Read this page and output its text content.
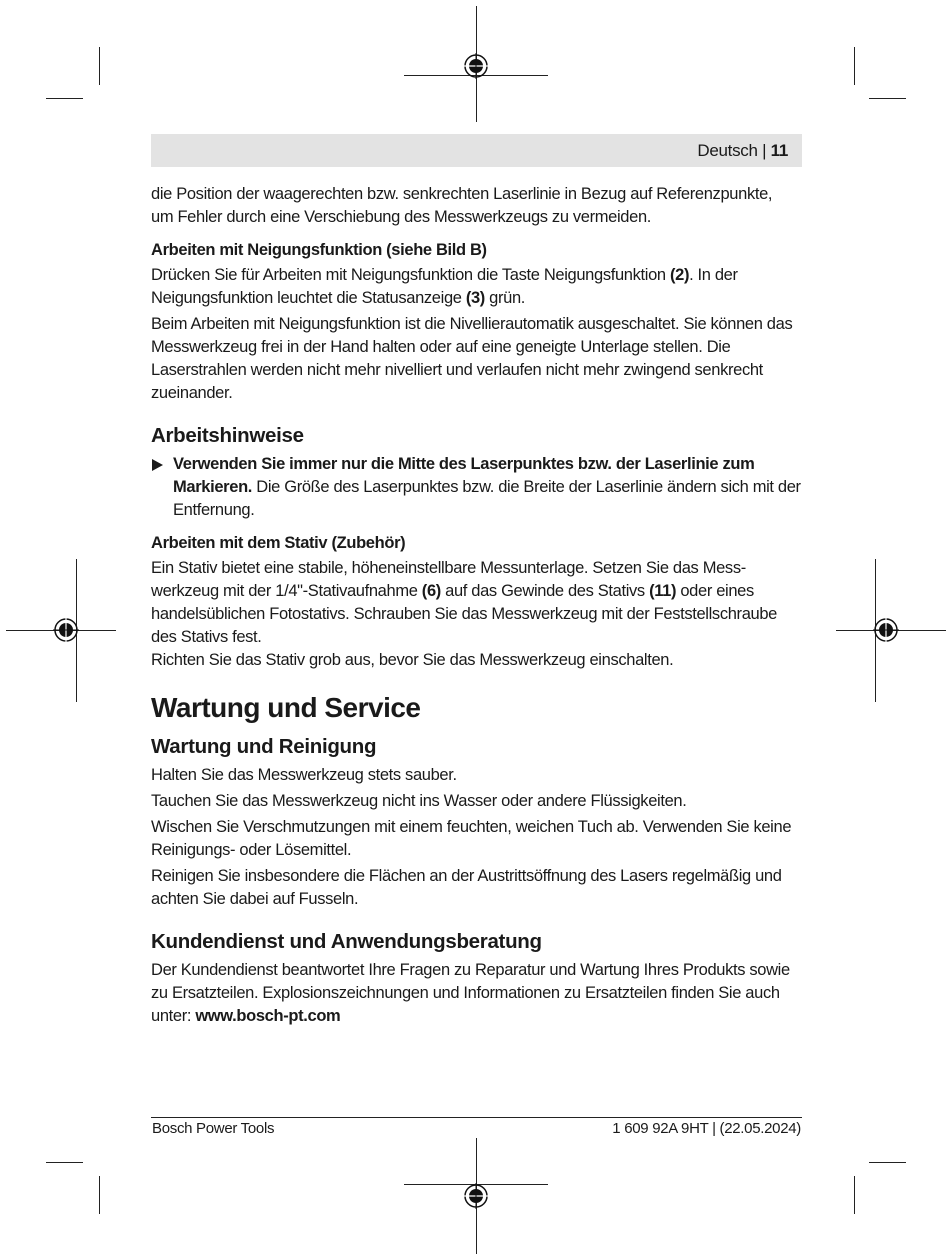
Deutsch | 11

die Position der waagerechten bzw. senkrechten Laserlinie in Bezug auf Referenzpunkte,
um Fehler durch eine Verschiebung des Messwerkzeugs zu vermeiden.

Arbeiten mit Neigungsfunktion (siehe Bild B)

Drücken Sie für Arbeiten mit Neigungsfunktion die Taste Neigungsfunktion (2). In der Neigungsfunktion leuchtet die Statusanzeige (3) grün.

Beim Arbeiten mit Neigungsfunktion ist die Nivellierautomatik ausgeschaltet. Sie können das Messwerkzeug frei in der Hand halten oder auf eine geneigte Unterlage stellen. Die Laserstrahlen werden nicht mehr nivelliert und verlaufen nicht mehr zwingend senkrecht zueinander.

Arbeitshinweise

Verwenden Sie immer nur die Mitte des Laserpunktes bzw. der Laserlinie zum Markieren. Die Größe des Laserpunktes bzw. die Breite der Laserlinie ändern sich mit der Entfernung.

Arbeiten mit dem Stativ (Zubehör)

Ein Stativ bietet eine stabile, höheneinstellbare Messunterlage. Setzen Sie das Messwerkzeug mit der 1/4"-Stativaufnahme (6) auf das Gewinde des Stativs (11) oder eines handelsüblichen Fotostativs. Schrauben Sie das Messwerkzeug mit der Feststellschraube des Stativs fest.

Richten Sie das Stativ grob aus, bevor Sie das Messwerkzeug einschalten.

Wartung und Service

Wartung und Reinigung

Halten Sie das Messwerkzeug stets sauber.

Tauchen Sie das Messwerkzeug nicht ins Wasser oder andere Flüssigkeiten.

Wischen Sie Verschmutzungen mit einem feuchten, weichen Tuch ab. Verwenden Sie keine Reinigungs- oder Lösemittel.

Reinigen Sie insbesondere die Flächen an der Austrittsöffnung des Lasers regelmäßig und achten Sie dabei auf Fusseln.

Kundendienst und Anwendungsberatung

Der Kundendienst beantwortet Ihre Fragen zu Reparatur und Wartung Ihres Produkts sowie zu Ersatzteilen. Explosionszeichnungen und Informationen zu Ersatzteilen finden Sie auch unter: www.bosch-pt.com

Bosch Power Tools	1 609 92A 9HT | (22.05.2024)
